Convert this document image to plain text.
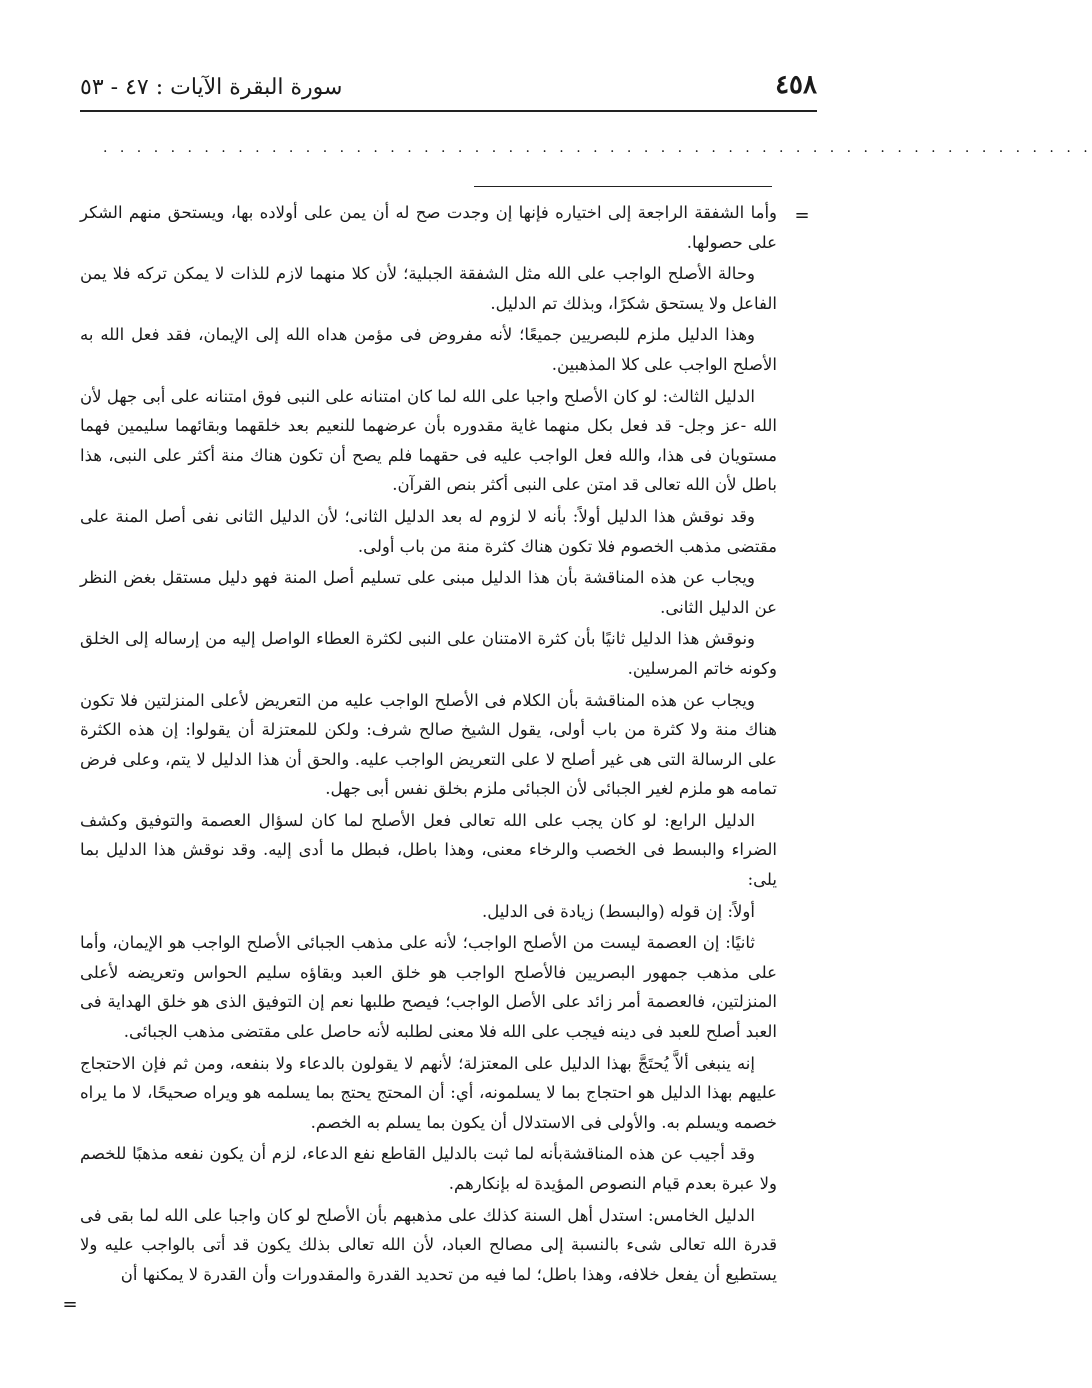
٤٥٨
سورة البقرة الآيات : ٤٧ - ٥٣
. . . . . . . . . . . . . . . . . . . . . . . . . . . . . . . . . . . . . . . . . . . . . . . . . . . . . . . . . . .
=

وأما الشفقة الراجعة إلى اختياره فإنها إن وجدت صح له أن يمن على أولاده بها، ويستحق منهم الشكر على حصولها.

وحالة الأصلح الواجب على الله مثل الشفقة الجبلية؛ لأن كلا منهما لازم للذات لا يمكن تركه فلا يمن الفاعل ولا يستحق شكرًا، وبذلك تم الدليل.

وهذا الدليل ملزم للبصريين جميعًا؛ لأنه مفروض فى مؤمن هداه الله إلى الإيمان، فقد فعل الله به الأصلح الواجب على كلا المذهبين.

الدليل الثالث: لو كان الأصلح واجبا على الله لما كان امتنانه على النبى فوق امتنانه على أبى جهل لأن الله -عز وجل- قد فعل بكل منهما غاية مقدوره بأن عرضهما للنعيم بعد خلقهما وبقائهما سليمين فهما مستويان فى هذا، والله فعل الواجب عليه فى حقهما فلم يصح أن تكون هناك منة أكثر على النبى، هذا باطل لأن الله تعالى قد امتن على النبى أكثر بنص القرآن.

وقد نوقش هذا الدليل أولاً: بأنه لا لزوم له بعد الدليل الثانى؛ لأن الدليل الثانى نفى أصل المنة على مقتضى مذهب الخصوم فلا تكون هناك كثرة منة من باب أولى.

ويجاب عن هذه المناقشة بأن هذا الدليل مبنى على تسليم أصل المنة فهو دليل مستقل بغض النظر عن الدليل الثانى.

ونوقش هذا الدليل ثانيًا بأن كثرة الامتنان على النبى لكثرة العطاء الواصل إليه من إرساله إلى الخلق وكونه خاتم المرسلين.

ويجاب عن هذه المناقشة بأن الكلام فى الأصلح الواجب عليه من التعريض لأعلى المنزلتين فلا تكون هناك منة ولا كثرة من باب أولى، يقول الشيخ صالح شرف: ولكن للمعتزلة أن يقولوا: إن هذه الكثرة على الرسالة التى هى غير أصلح لا على التعريض الواجب عليه. والحق أن هذا الدليل لا يتم، وعلى فرض تمامه هو ملزم لغير الجبائى لأن الجبائى ملزم بخلق نفس أبى جهل.

الدليل الرابع: لو كان يجب على الله تعالى فعل الأصلح لما كان لسؤال العصمة والتوفيق وكشف الضراء والبسط فى الخصب والرخاء معنى، وهذا باطل، فبطل ما أدى إليه. وقد نوقش هذا الدليل بما يلى:

أولاً: إن قوله (والبسط) زيادة فى الدليل.

ثانيًا: إن العصمة ليست من الأصلح الواجب؛ لأنه على مذهب الجبائى الأصلح الواجب هو الإيمان، وأما على مذهب جمهور البصريين فالأصلح الواجب هو خلق العبد وبقاؤه سليم الحواس وتعريضه لأعلى المنزلتين، فالعصمة أمر زائد على الأصل الواجب؛ فيصح طلبها نعم إن التوفيق الذى هو خلق الهداية فى العبد أصلح للعبد فى دينه فيجب على الله فلا معنى لطلبه لأنه حاصل على مقتضى مذهب الجبائى.

إنه ينبغى ألاَّ يُحتَجَّ بهذا الدليل على المعتزلة؛ لأنهم لا يقولون بالدعاء ولا بنفعه، ومن ثم فإن الاحتجاج عليهم بهذا الدليل هو احتجاج بما لا يسلمونه، أي: أن المحتج يحتج بما يسلمه هو ويراه صحيحًا، لا ما يراه خصمه ويسلم به. والأولى فى الاستدلال أن يكون بما يسلم به الخصم.

وقد أجيب عن هذه المناقشةبأنه لما ثبت بالدليل القاطع نفع الدعاء، لزم أن يكون نفعه مذهبًا للخصم ولا عبرة بعدم قيام النصوص المؤيدة له بإنكارهم.

الدليل الخامس: استدل أهل السنة كذلك على مذهبهم بأن الأصلح لو كان واجبا على الله لما بقى فى قدرة الله تعالى شىء بالنسبة إلى مصالح العباد، لأن الله تعالى بذلك يكون قد أتى بالواجب عليه ولا يستطيع أن يفعل خلافه، وهذا باطل؛ لما فيه من تحديد القدرة والمقدورات وأن القدرة لا يمكنها أن

=
